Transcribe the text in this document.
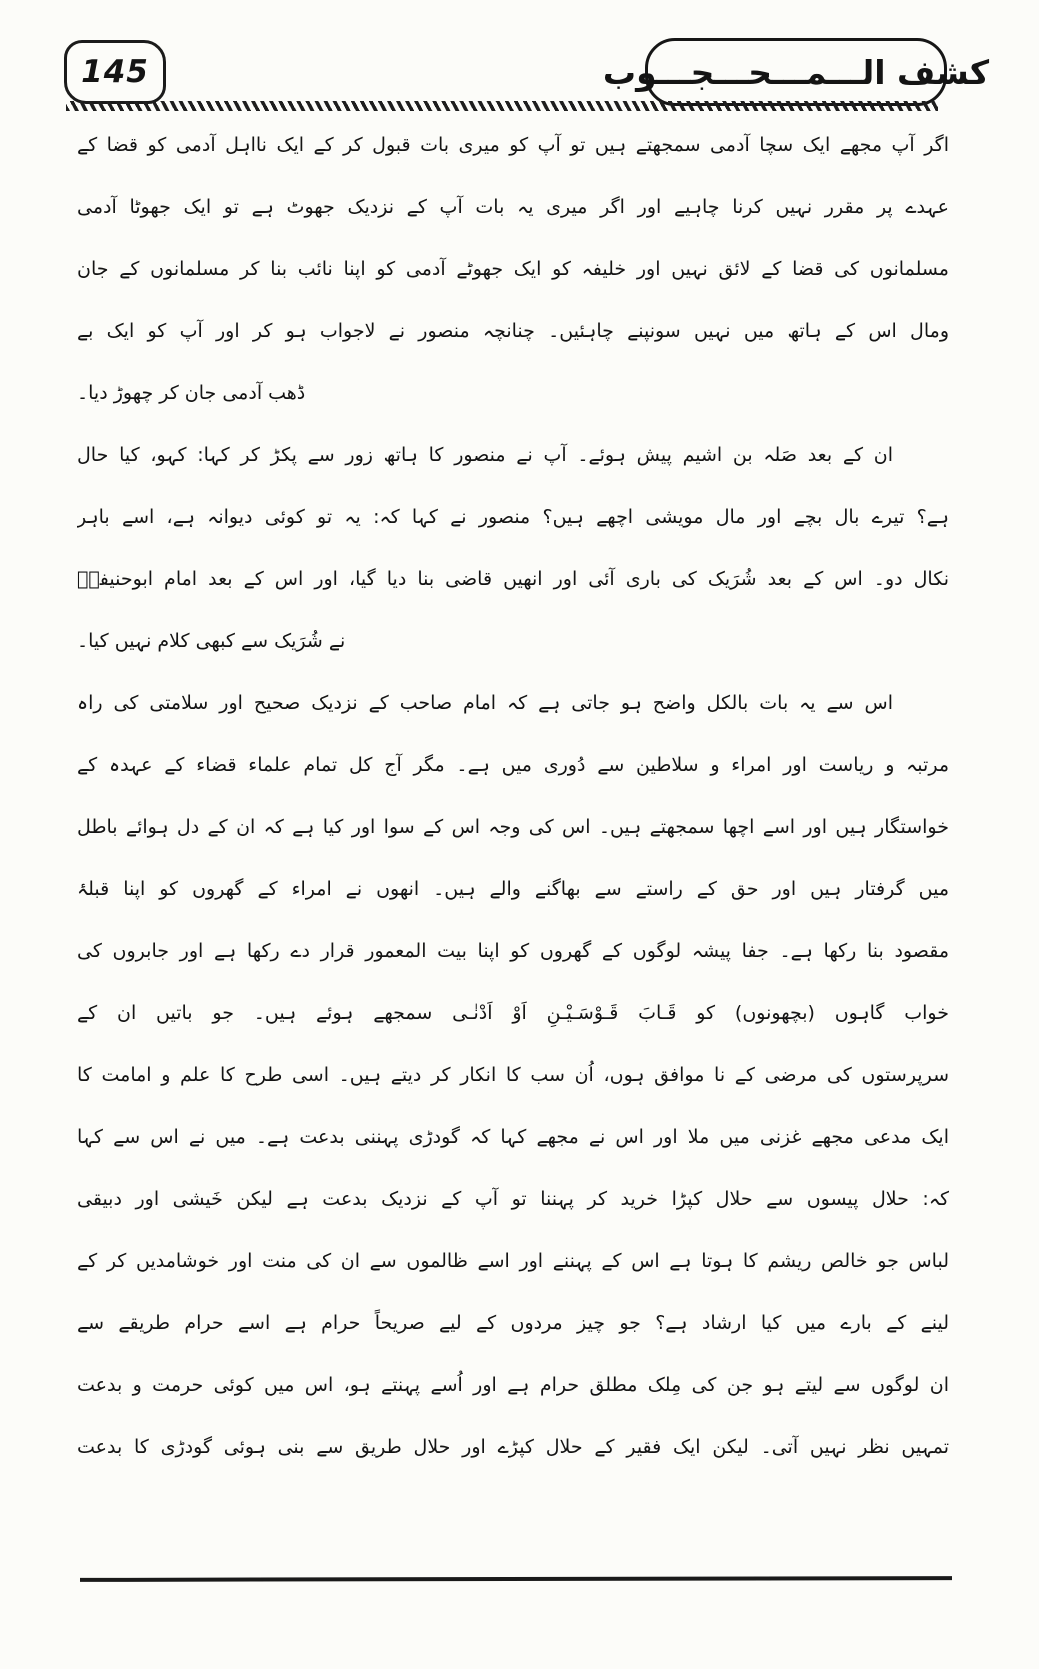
145	کشف الـــمـــحـــجـــوب
اگر آپ مجھے ایک سچا آدمی سمجھتے ہیں تو آپ کو میری بات قبول کر کے ایک نااہل آدمی کو قضا کے
عہدے پر مقرر نہیں کرنا چاہیے اور اگر میری یہ بات آپ کے نزدیک جھوٹ ہے تو ایک جھوٹا آدمی
مسلمانوں کی قضا کے لائق نہیں اور خلیفہ کو ایک جھوٹے آدمی کو اپنا نائب بنا کر مسلمانوں کے جان
ومال اس کے ہاتھ میں نہیں سونپنے چاہئیں۔ چنانچہ منصور نے لاجواب ہو کر اور آپ کو ایک بے
ڈھب آدمی جان کر چھوڑ دیا۔
ان کے بعد صَلہ بن اشیم پیش ہوئے۔ آپ نے منصور کا ہاتھ زور سے پکڑ کر کہا: کہو، کیا حال
ہے؟ تیرے بال بچے اور مال مویشی اچھے ہیں؟ منصور نے کہا کہ: یہ تو کوئی دیوانہ ہے، اسے باہر
نکال دو۔ اس کے بعد شُرَیک کی باری آئی اور انھیں قاضی بنا دیا گیا، اور اس کے بعد امام ابوحنیفہؒ
نے شُرَیک سے کبھی کلام نہیں کیا۔
اس سے یہ بات بالکل واضح ہو جاتی ہے کہ امام صاحب کے نزدیک صحیح اور سلامتی کی راہ
مرتبہ و ریاست اور امراء و سلاطین سے دُوری میں ہے۔ مگر آج کل تمام علماء قضاء کے عہدہ کے
خواستگار ہیں اور اسے اچھا سمجھتے ہیں۔ اس کی وجہ اس کے سوا اور کیا ہے کہ ان کے دل ہوائے باطل
میں گرفتار ہیں اور حق کے راستے سے بھاگنے والے ہیں۔ انھوں نے امراء کے گھروں کو اپنا قبلۂ
مقصود بنا رکھا ہے۔ جفا پیشہ لوگوں کے گھروں کو اپنا بیت المعمور قرار دے رکھا ہے اور جابروں کی
خواب گاہوں (بچھونوں) کو قَـابَ قَـوْسَـیْـنِ اَوْ اَدْنٰـی سمجھے ہوئے ہیں۔ جو باتیں ان کے
سرپرستوں کی مرضی کے نا موافق ہوں، اُن سب کا انکار کر دیتے ہیں۔ اسی طرح کا علم و امامت کا
ایک مدعی مجھے غزنی میں ملا اور اس نے مجھے کہا کہ گودڑی پہننی بدعت ہے۔ میں نے اس سے کہا
کہ: حلال پیسوں سے حلال کپڑا خرید کر پہننا تو آپ کے نزدیک بدعت ہے لیکن خَیشی اور دبیقی
لباس جو خالص ریشم کا ہوتا ہے اس کے پہننے اور اسے ظالموں سے ان کی منت اور خوشامدیں کر کے
لینے کے بارے میں کیا ارشاد ہے؟ جو چیز مردوں کے لیے صریحاً حرام ہے اسے حرام طریقے سے
ان لوگوں سے لیتے ہو جن کی مِلک مطلق حرام ہے اور اُسے پہنتے ہو، اس میں کوئی حرمت و بدعت
تمہیں نظر نہیں آتی۔ لیکن ایک فقیر کے حلال کپڑے اور حلال طریق سے بنی ہوئی گودڑی کا بدعت
